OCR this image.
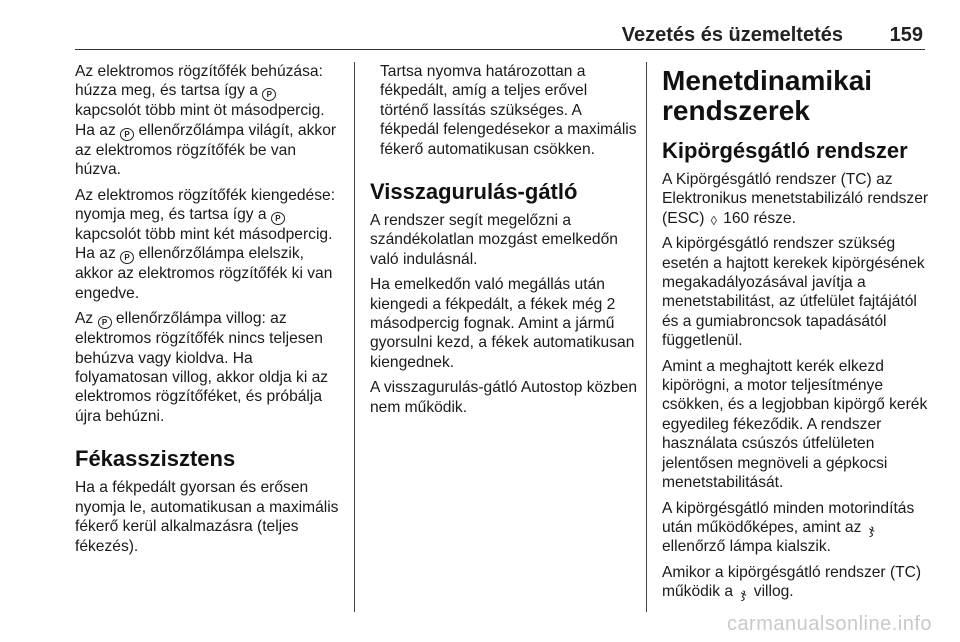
Vezetés és üzemeltetés 159

Az elektromos rögzítőfék behúzása: húzza meg, és tartsa így a P kapcsolót több mint öt másodpercig. Ha az P ellenőrzőlámpa világít, akkor az elektromos rögzítőfék be van húzva.

Az elektromos rögzítőfék kiengedése: nyomja meg, és tartsa így a P kapcsolót több mint két másodpercig. Ha az P ellenőrzőlámpa elelszik, akkor az elektromos rögzítőfék ki van engedve.

Az P ellenőrzőlámpa villog: az elektromos rögzítőfék nincs teljesen behúzva vagy kioldva. Ha folyamatosan villog, akkor oldja ki az elektromos rögzítőféket, és próbálja újra behúzni.

Fékasszisztens

Ha a fékpedált gyorsan és erősen nyomja le, automatikusan a maximális fékerő kerül alkalmazásra (teljes fékezés).

Tartsa nyomva határozottan a fékpedált, amíg a teljes erővel történő lassítás szükséges. A fékpedál felengedésekor a maximális fékerő automatikusan csökken.

Visszagurulás-gátló

A rendszer segít megelőzni a szándékolatlan mozgást emelkedőn való indulásnál.

Ha emelkedőn való megállás után kiengedi a fékpedált, a fékek még 2 másodpercig fognak. Amint a jármű gyorsulni kezd, a fékek automatikusan kiengednek.

A visszagurulás-gátló Autostop közben nem működik.

Menetdinamikai rendszerek
Kipörgésgátló rendszer

A Kipörgésgátló rendszer (TC) az Elektronikus menetstabilizáló rendszer (ESC) ◊ 160 része.

A kipörgésgátló rendszer szükség esetén a hajtott kerekek kipörgésének megakadályozásával javítja a menetstabilitást, az útfelület fajtájától és a gumiabroncsok tapadásától függetlenül.

Amint a meghajtott kerék elkezd kipörögni, a motor teljesítménye csökken, és a legjobban kipörgő kerék egyedileg fékeződik. A rendszer használata csúszós útfelületen jelentősen megnöveli a gépkocsi menetstabilitását.

A kipörgésgátló minden motorindítás után működőképes, amint az ჯ ellenőrző lámpa kialszik.

Amikor a kipörgésgátló rendszer (TC) működik a ჯ villog.

carmanualsonline.info
